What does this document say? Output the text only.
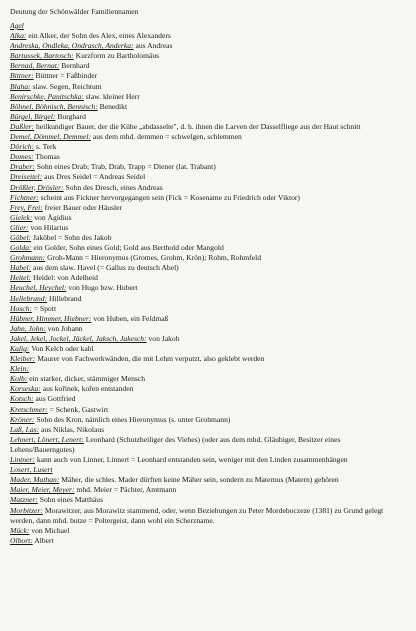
Deutung der Schönwälder Familiennamen
Agel
Alka: ein Alker, der Sohn des Alex, eines Alexanders
Andreska, Ondleka, Ondrasch, Anderka: aus Andreas
Bartussek, Bartosch: Kurzform zu Bartholomäus
Bernad, Bernat: Bernhard
Bittner: Büttner = Faßbinder
Blaha: slaw. Segen, Reichtum
Benirschke, Panitschka: slaw. kleiner Herr
Böhnel, Böhnisch, Bennisch: Benedikt
Bürgel, Birgel: Burghard
Daßler: heilkundiger Bauer, der die Kühe „abdasselte", d. h. ihnen die Larven der Dasselfliege aus der Haut schnitt
Demel, Dömmel, Demmel: aus dem mhd. demmen = schwelgen, schlemmen
Dörich: s. Terk
Domes: Thomas
Draber: Sohn eines Drab; Trab, Drab, Trapp = Diener (lat. Trabant)
Dreiseitel: aus Dres Seidel = Andreas Seidel
Drößler, Drösler: Sohn des Dresch, eines Andreas
Fichtner: scheint aus Fickner hervorgegangen sein (Fick = Kosename zu Friedrich oder Viktor)
Frey, Frei: freier Bauer oder Häusler
Gielek: von Ägidius
Glier: von Hilarius
Göbel: Jaköbel = Sohn des Jakob
Golda: ein Golder, Sohn eines Gold; Gold aus Berthold oder Mangold
Grohmann: Groh-Mann = Hieronymus (Gromes, Grohm, Krön); Rohm, Rohmfeld
Habel: aus dem slaw. Havel (= Gallus zu deutsch Abel)
Heitel: Heidel: von Adelheid
Heuchel, Heychel: von Hugo bzw. Hubert
Hellebrand: Hillebrand
Hosch: = Spott
Hübner, Himmer, Hiebner: von Huben, ein Feldmaß
Jahn, John: von Johann
Jakel, Jekel, Jockel, Jäckel, Jaksch, Jakesch: von Jakob
Kalig: Von Kelch oder kahl
Kleiber: Maurer von Fachwerkwänden, die mit Lehm verputzt, also geklebt werden
Klein:
Kolb: ein starker, dicker, stämmiger Mensch
Korseska: aus kořinek, kořen entstanden
Kotsch: aus Gottfried
Kretschmer: = Schenk, Gastwirt
Kröner: Sohn des Kron, nämlich eines Hieronymus (s. unter Grohmann)
Laß, Las: aus Niklas, Nikolaus
Lehnert, Lönert, Lenert: Leonhard (Schutzheiliger des Viehes) (oder aus dem mhd. Gläubiger, Besitzer eines Lehens/Bauerngutes)
Lintner: kann auch von Linner, Linnert = Leonhard entstanden sein, weniger mit den Linden zusammenhängen
Losert, Lusert
Mader, Mathan: Mäher, die schles. Mader dürften keine Mäher sein, sondern zu Maternus (Matern) gehören
Maier, Meier, Meyer: mhd. Meier = Pächter, Amtmann
Matzner: Sohn eines Matthäus
Morbitzer: Morawitzer, aus Morawitz stammend, oder, wenn Beziehungen zu Peter Mordeboczeze (1381) zu Grund gelegt werden, dann mhd. butze = Poltergeist, dann wohl ein Scherzname.
Mück: von Michael
Olbort: Albert
